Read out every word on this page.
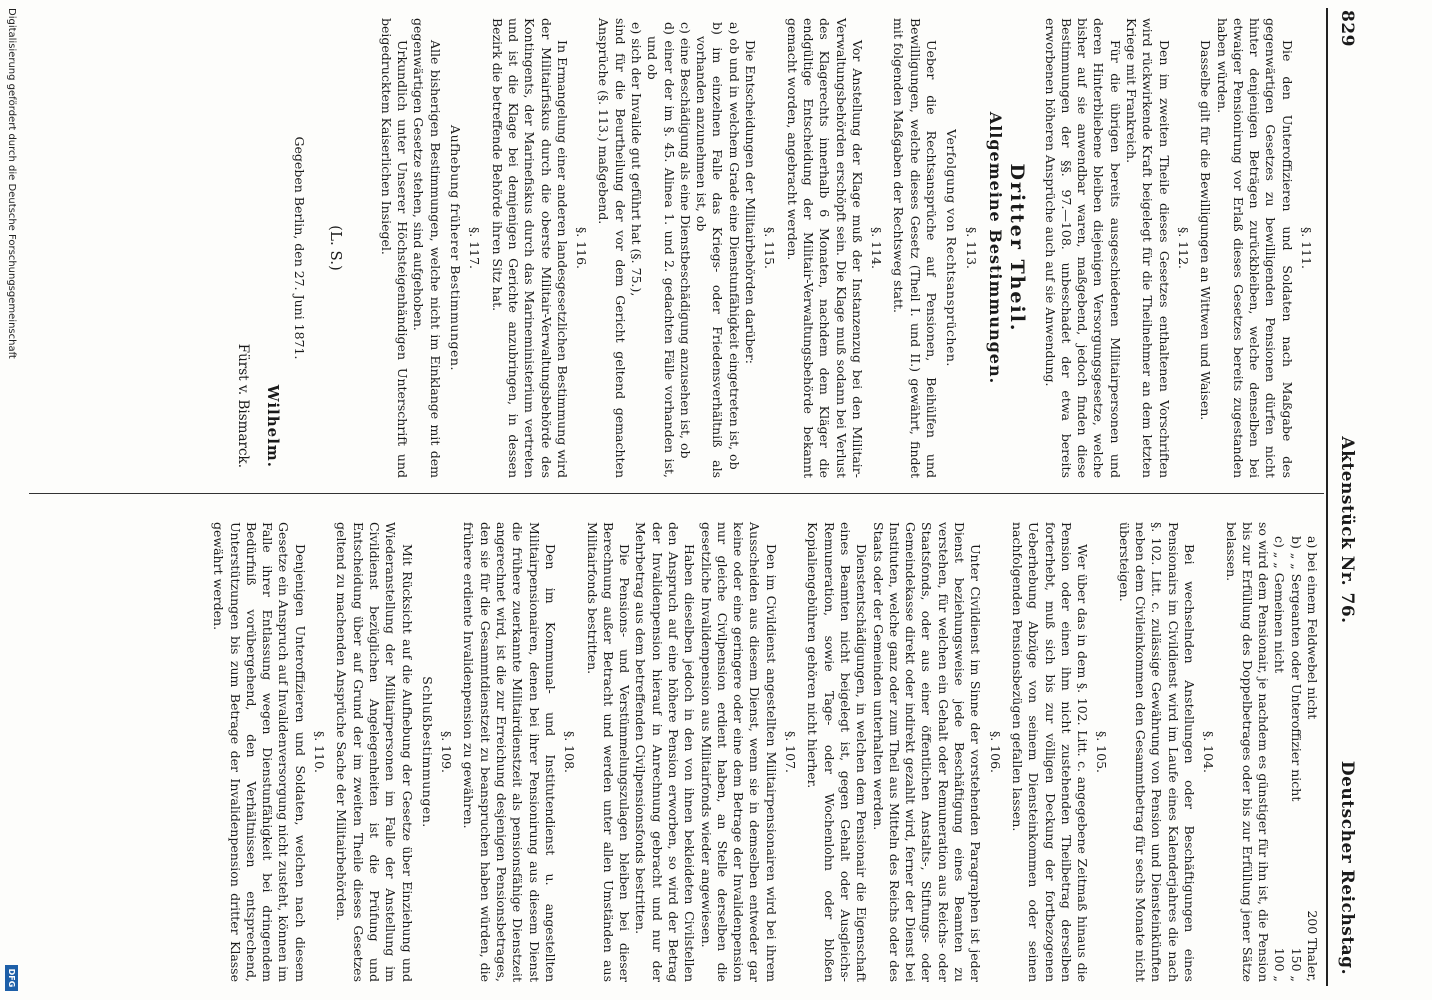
829
Aktenstück Nr. 76.
Deutscher Reichstag.
§. 111.

Die den Unteroffizieren und Soldaten nach Maßgabe des gegenwärtigen Gesetzes zu bewilligenden Pensionen dürfen nicht hinter denjenigen Beträgen zurückbleiben, welche denselben bei etwaiger Pensionirung vor Erlaß dieses Gesetzes bereits zugestanden haben würden.

Dasselbe gilt für die Bewilligungen an Wittwen und Waisen.

§. 112.

Den im zweiten Theile dieses Gesetzes enthaltenen Vorschriften wird rückwirkende Kraft beigelegt für die Theilnehmer an dem letzten Kriege mit Frankreich.

Für die übrigen bereits ausgeschiedenen Militairpersonen und deren Hinterbliebene bleiben diejenigen Versorgungsgesetze, welche bisher auf sie anwendbar waren, maßgebend, jedoch finden diese Bestimmungen der §§. 97.—108. unbeschadet der etwa bereits erworbenen höheren Ansprüche auch auf sie Anwendung.

Dritter Theil.
Allgemeine Bestimmungen.
§. 113.
Verfolgung von Rechtsansprüchen.

Ueber die Rechtsansprüche auf Pensionen, Beihülfen und Bewilligungen, welche dieses Gesetz (Theil I. und II.) gewährt, findet mit folgenden Maßgaben der Rechtsweg statt.

§. 114.

Vor Anstellung der Klage muß der Instanzenzug bei den Militair-Verwaltungsbehörden erschöpft sein. Die Klage muß sodann bei Verlust des Klagerechts innerhalb 6 Monaten, nachdem dem Kläger die endgültige Entscheidung der Militair-Verwaltungsbehörde bekannt gemacht worden, angebracht werden.

§. 115.

Die Entscheidungen der Militairbehörden darüber:

a) ob und in welchem Grade eine Dienstunfähigkeit eingetreten ist, ob
b) im einzelnen Falle das Kriegs- oder Friedensverhältniß als vorhanden anzunehmen ist, ob
c) eine Beschädigung als eine Dienstbeschädigung anzusehen ist, ob
d) einer der im §. 45. Alinea 1. und 2. gedachten Fälle vorhanden ist, und ob
e) sich der Invalide gut geführt hat (§. 75.),

sind für die Beurtheilung der vor dem Gericht geltend gemachten Ansprüche (§. 113.) maßgebend.

§. 116.

In Ermangelung einer anderen landesgesetzlichen Bestimmung wird der Militairfiskus durch die oberste Militair-Verwaltungsbehörde des Kontingents, der Marinefiskus durch das Marineministerium vertreten und ist die Klage bei demjenigen Gerichte anzubringen, in dessen Bezirk die betreffende Behörde ihren Sitz hat.

§. 117.
Aufhebung früherer Bestimmungen.

Alle bisherigen Bestimmungen, welche nicht im Einklange mit dem gegenwärtigen Gesetze stehen, sind aufgehoben.

Urkundlich unter Unserer Höchsteigenhändigen Unterschrift und beigedrucktem Kaiserlichen Insiegel.

(L. S.)
Gegeben Berlin, den 27. Juni 1871.
Wilhelm.
Fürst v. Bismarck.
a) bei einem Feldwebel nicht
200 Thaler,
b) „ „ Sergeanten oder Unteroffizier nicht
150 „
c) „ „ Gemeinen nicht
100 „

so wird dem Pensionair, je nachdem es günstiger für ihn ist, die Pension bis zur Erfüllung des Doppelbetrages oder bis zur Erfüllung jener Sätze belassen.

§. 104.

Bei wechselnden Anstellungen oder Beschäftigungen eines Pensionairs im Civildienst wird im Laufe eines Kalenderjahres die nach §. 102. Litt. c. zulässige Gewährung von Pension und Diensteinkünften neben dem Civileinkommen den Gesammtbetrag für sechs Monate nicht übersteigen.

§. 105.

Wer über das in dem §. 102. Litt. c. angegebene Zeitmaß hinaus die Pension oder einen ihm nicht zustehenden Theilbetrag derselben forterhebt, muß sich bis zur völligen Deckung der fortbezogenen Ueberhebung Abzüge von seinem Diensteinkommen oder seinen nachfolgenden Pensionsbezügen gefallen lassen.

§. 106.

Unter Civildienst im Sinne der vorstehenden Paragraphen ist jeder Dienst beziehungsweise jede Beschäftigung eines Beamten zu verstehen, für welchen ein Gehalt oder Remuneration aus Reichs- oder Staatsfonds, oder aus einer öffentlichen Anstalts-, Stiftungs- oder Gemeindekasse direkt oder indirekt gezahlt wird, ferner der Dienst bei Instituten, welche ganz oder zum Theil aus Mitteln des Reichs oder des Staats oder der Gemeinden unterhalten werden.

Dienstentschädigungen, in welchen dem Pensionair die Eigenschaft eines Beamten nicht beigelegt ist, gegen Gehalt oder Ausgleichs-Remuneration, sowie Tage- oder Wochenlohn oder bloßen Kopialiengebühren gehören nicht hierher.

§. 107.

Den im Civildienst angestellten Militairpensionairen wird bei ihrem Ausscheiden aus diesem Dienst, wenn sie in demselben entweder gar keine oder eine geringere oder eine dem Betrage der Invalidenpension nur gleiche Civilpension erdient haben, an Stelle derselben die gesetzliche Invalidenpension aus Militairfonds wieder angewiesen.

Haben dieselben jedoch in den von ihnen bekleideten Civilstellen den Anspruch auf eine höhere Pension erworben, so wird der Betrag der Invalidenpension hierauf in Anrechnung gebracht und nur der Mehrbetrag aus dem betreffenden Civilpensionsfonds bestritten.

Die Pensions- und Verstümmelungszulagen bleiben bei dieser Berechnung außer Betracht und werden unter allen Umständen aus Militairfonds bestritten.

§. 108.

Den im Kommunal- und Institutendienst u. angestellten Militairpensionairen, denen bei ihrer Pensionirung aus diesem Dienst die frühere zuerkannte Militairdienstzeit als pensionsfähige Dienstzeit angerechnet wird, ist die zur Erreichung desjenigen Pensionsbetrages, den sie für die Gesammtdienstzeit zu beanspruchen haben würden, die frühere erdiente Invalidenpension zu gewähren.

§. 109.
Schlußbestimmungen.

Mit Rücksicht auf die Aufhebung der Gesetze über Einziehung und Wiederanstellung der Militairpersonen im Falle der Anstellung im Civildienst bezüglichen Angelegenheiten ist die Prüfung und Entscheidung über auf Grund der im zweiten Theile dieses Gesetzes geltend zu machenden Ansprüche Sache der Militairbehörden.

§. 110.

Denjenigen Unteroffizieren und Soldaten, welchen nach diesem Gesetze ein Anspruch auf Invalidenversorgung nicht zusteht, können im Falle ihrer Entlassung wegen Dienstunfähigkeit bei dringendem Bedürfniß vorübergehend, den Verhältnissen entsprechend, Unterstützungen bis zum Betrage der Invalidenpension dritter Klasse gewährt werden.

Digitalisierung gefördert durch die Deutsche Forschungsgemeinschaft
DFG
